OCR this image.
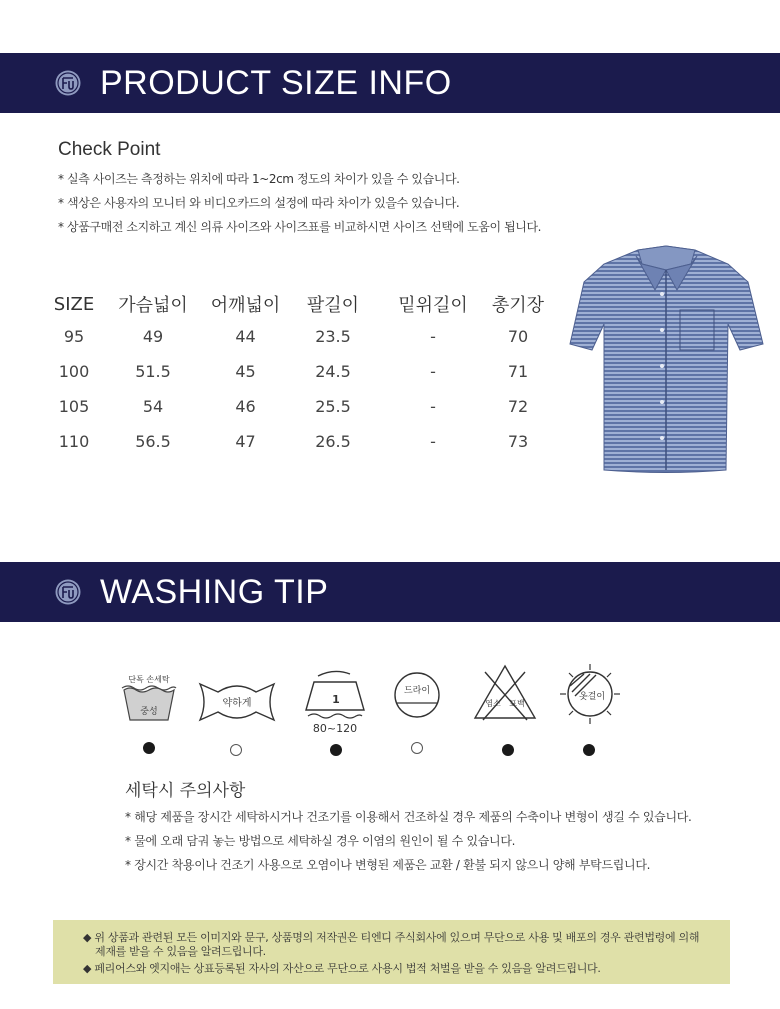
PRODUCT SIZE INFO
Check Point
* 실측 사이즈는 측정하는 위치에 따라 1~2cm 정도의 차이가 있을 수 있습니다.
* 색상은 사용자의 모니터 와 비디오카드의 설정에 따라 차이가 있을수 있습니다.
* 상품구매전 소지하고 계신 의류 사이즈와 사이즈표를 비교하시면 사이즈 선택에 도움이 됩니다.
SIZE	가슴넓이	어깨넓이	팔길이	밑위길이	총기장
95	49	44	23.5	-	70
100	51.5	45	24.5	-	71
105	54	46	25.5	-	72
110	56.5	47	26.5	-	73
WASHING TIP
단독 손세탁
중성
약하게	1
80~120
드라이
염소 표백
옷걸이
세탁시 주의사항
* 해당 제품을 장시간 세탁하시거나 건조기를 이용해서 건조하실 경우 제품의 수축이나 변형이 생길 수 있습니다.
* 물에 오래 담궈 놓는 방법으로 세탁하실 경우 이염의 원인이 될 수 있습니다.
* 장시간 착용이나 건조기 사용으로 오염이나 변형된 제품은 교환 / 환불 되지 않으니 양해 부탁드립니다.
◆ 위 상품과 관련된 모든 이미지와 문구, 상품명의 저작권은 티엔디 주식회사에 있으며 무단으로 사용 및 배포의 경우 관련법령에 의해
제재를 받을 수 있음을 알려드립니다.
◆ 페리어스와 엣지애는 상표등록된 자사의 자산으로 무단으로 사용시 법적 처벌을 받을 수 있음을 알려드립니다.
